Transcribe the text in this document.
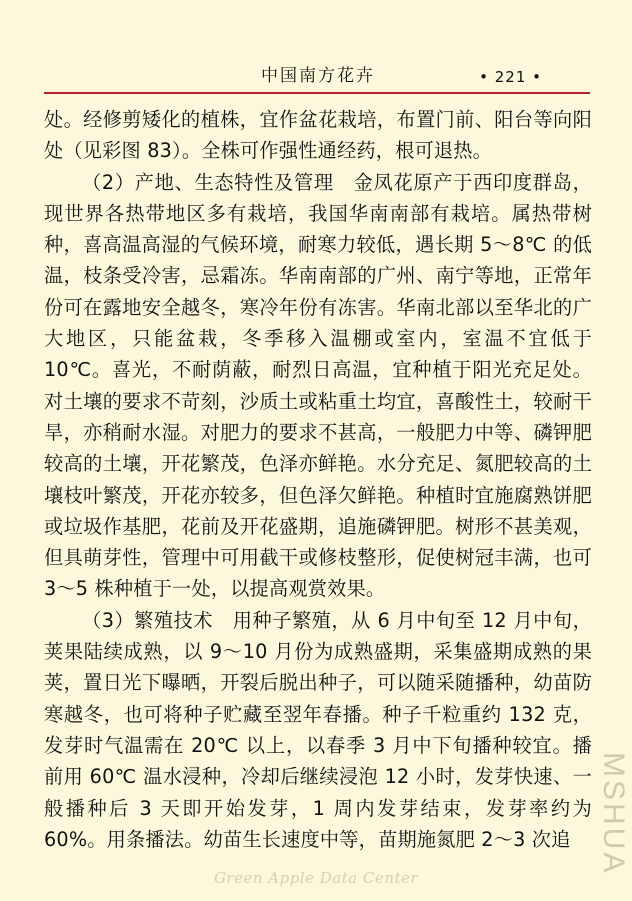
中国南方花卉	• 221 •

处。经修剪矮化的植株，宜作盆花栽培，布置门前、阳台等向阳处（见彩图 83）。全株可作强性通经药，根可退热。

（2）产地、生态特性及管理　金凤花原产于西印度群岛，现世界各热带地区多有栽培，我国华南南部有栽培。属热带树种，喜高温高湿的气候环境，耐寒力较低，遇长期 5～8℃ 的低温，枝条受冷害，忌霜冻。华南南部的广州、南宁等地，正常年份可在露地安全越冬，寒冷年份有冻害。华南北部以至华北的广大地区，只能盆栽，冬季移入温棚或室内，室温不宜低于 10℃。喜光，不耐荫蔽，耐烈日高温，宜种植于阳光充足处。对土壤的要求不苛刻，沙质土或粘重土均宜，喜酸性土，较耐干旱，亦稍耐水湿。对肥力的要求不甚高，一般肥力中等、磷钾肥较高的土壤，开花繁茂，色泽亦鲜艳。水分充足、氮肥较高的土壤枝叶繁茂，开花亦较多，但色泽欠鲜艳。种植时宜施腐熟饼肥或垃圾作基肥，花前及开花盛期，追施磷钾肥。树形不甚美观，但具萌芽性，管理中可用截干或修枝整形，促使树冠丰满，也可 3～5 株种植于一处，以提高观赏效果。

（3）繁殖技术　用种子繁殖，从 6 月中旬至 12 月中旬，荚果陆续成熟，以 9～10 月份为成熟盛期，采集盛期成熟的果荚，置日光下曝晒，开裂后脱出种子，可以随采随播种，幼苗防寒越冬，也可将种子贮藏至翌年春播。种子千粒重约 132 克，发芽时气温需在 20℃ 以上，以春季 3 月中下旬播种较宜。播前用 60℃ 温水浸种，冷却后继续浸泡 12 小时，发芽快速、一般播种后 3 天即开始发芽，1 周内发芽结束，发芽率约为 60%。用条播法。幼苗生长速度中等，苗期施氮肥 2～3 次追 MSHUA
Green Apple Data Center
